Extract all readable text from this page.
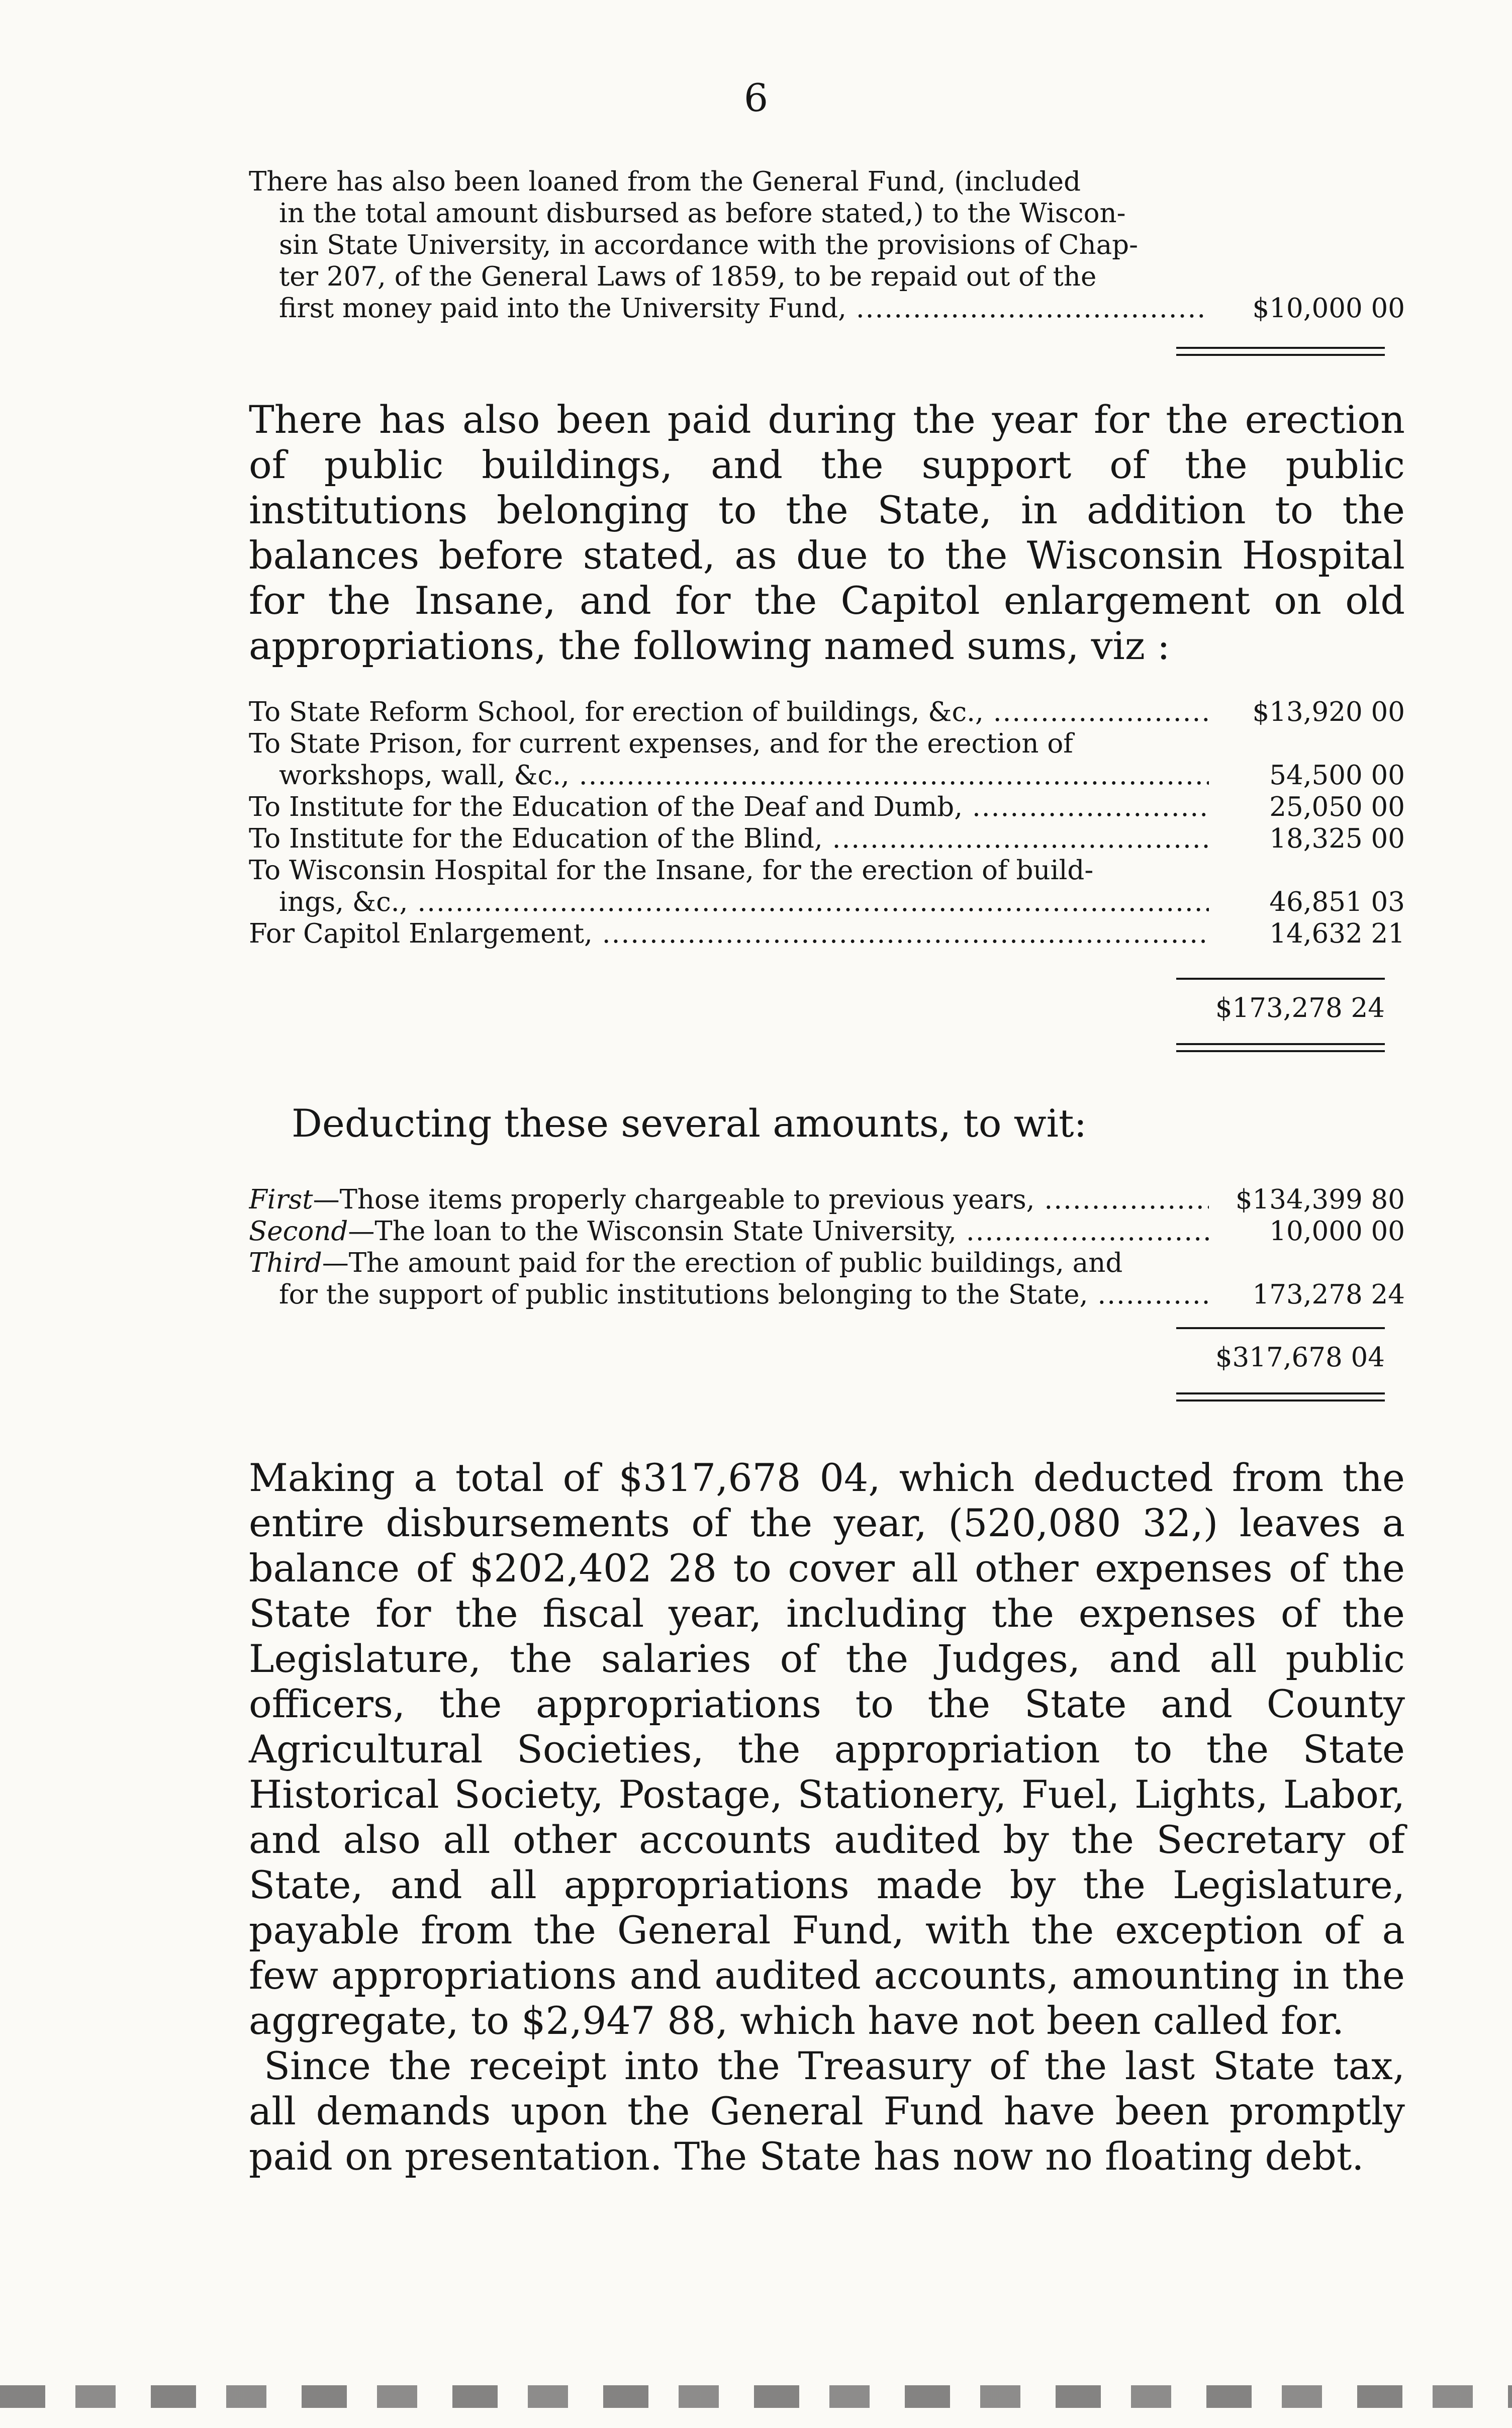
6
There has also been loaned from the General Fund, (included
in the total amount disbursed as before stated,) to the Wiscon-
sin State University, in accordance with the provisions of Chap-
ter 207, of the General Laws of 1859, to be repaid out of the
first money paid into the University Fund, .....	$10,000 00

There has also been paid during the year for the erection of public buildings, and the support of the public institutions belonging to the State, in addition to the balances before stated, as due to the Wisconsin Hospital for the Insane, and for the Capitol enlargement on old appropriations, the following named sums, viz :

To State Reform School, for erection of buildings, &c., .....	$13,920 00
To State Prison, for current expenses, and for the erection of
workshops, wall, &c., .....	54,500 00
To Institute for the Education of the Deaf and Dumb, .....	25,050 00
To Institute for the Education of the Blind, .....	18,325 00
To Wisconsin Hospital for the Insane, for the erection of build-
ings, &c., .....	46,851 03
For Capitol Enlargement, .....	14,632 21
$173,278 24
Deducting these several amounts, to wit:
First—Those items properly chargeable to previous years, .....	$134,399 80
Second—The loan to the Wisconsin State University, .....	10,000 00
Third—The amount paid for the erection of public buildings, and
for the support of public institutions belonging to the State, .....	173,278 24
$317,678 04

Making a total of $317,678 04, which deducted from the entire disbursements of the year, (520,080 32,) leaves a balance of $202,402 28 to cover all other expenses of the State for the fiscal year, including the expenses of the Legislature, the salaries of the Judges, and all public officers, the appropriations to the State and County Agricultural Societies, the appropriation to the State Historical Society, Postage, Stationery, Fuel, Lights, Labor, and also all other accounts audited by the Secretary of State, and all appropriations made by the Legislature, payable from the General Fund, with the exception of a few appropriations and audited accounts, amounting in the aggregate, to $2,947 88, which have not been called for.

Since the receipt into the Treasury of the last State tax, all demands upon the General Fund have been promptly paid on presentation. The State has now no floating debt.
